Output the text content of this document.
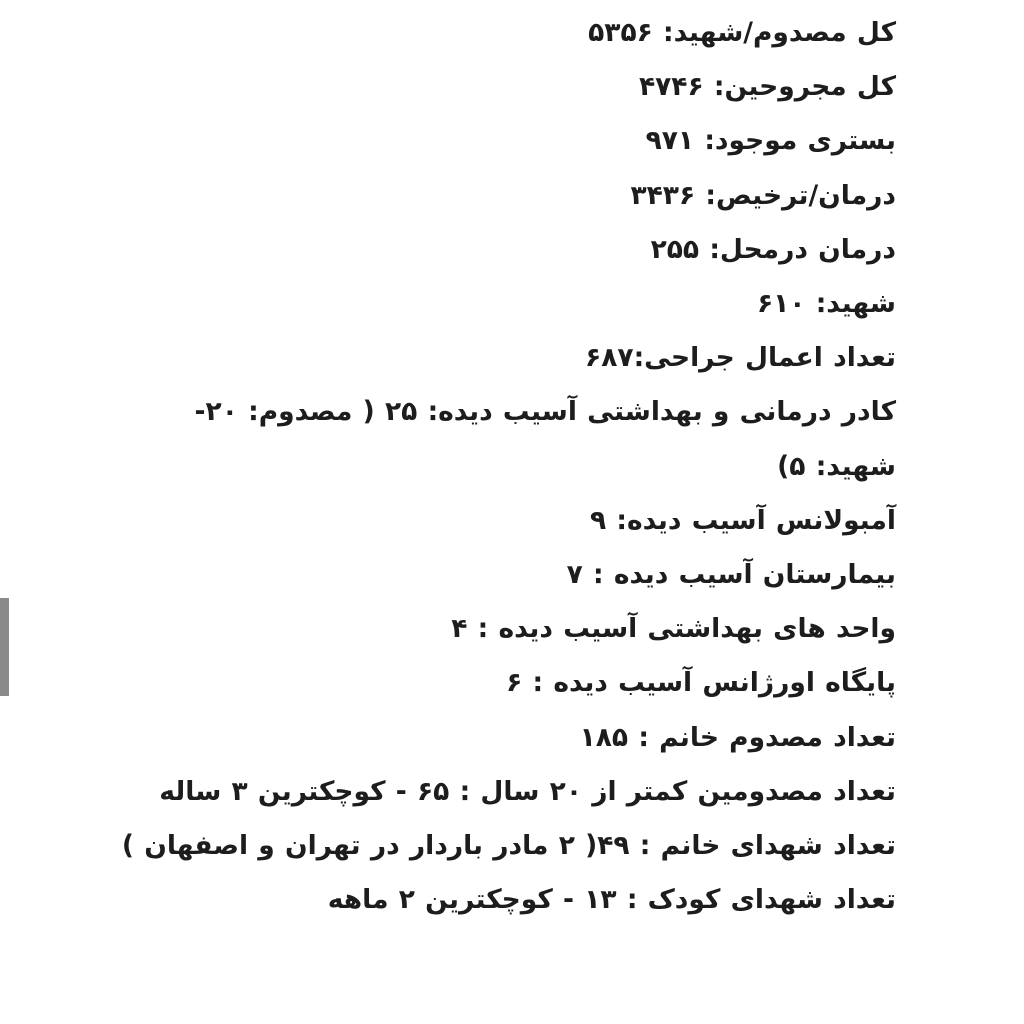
کل مصدوم/شهید: ۵۳۵۶
کل مجروحین: ۴۷۴۶
بستری موجود: ۹۷۱
درمان/ترخیص: ۳۴۳۶
درمان درمحل: ۲۵۵
شهید: ۶۱۰
تعداد اعمال جراحی:۶۸۷
کادر درمانی و بهداشتی آسیب دیده: ۲۵ ( مصدوم: ۲۰- شهید: ۵)
آمبولانس آسیب دیده: ۹
بیمارستان آسیب دیده : ۷
واحد های بهداشتی آسیب دیده : ۴
پایگاه اورژانس آسیب دیده : ۶
تعداد مصدوم خانم : ۱۸۵
تعداد مصدومین کمتر از ۲۰ سال : ۶۵ - کوچکترین ۳ ساله
تعداد شهدای خانم : ۴۹( ۲ مادر باردار در تهران و اصفهان )
تعداد شهدای کودک : ۱۳ - کوچکترین ۲ ماهه
